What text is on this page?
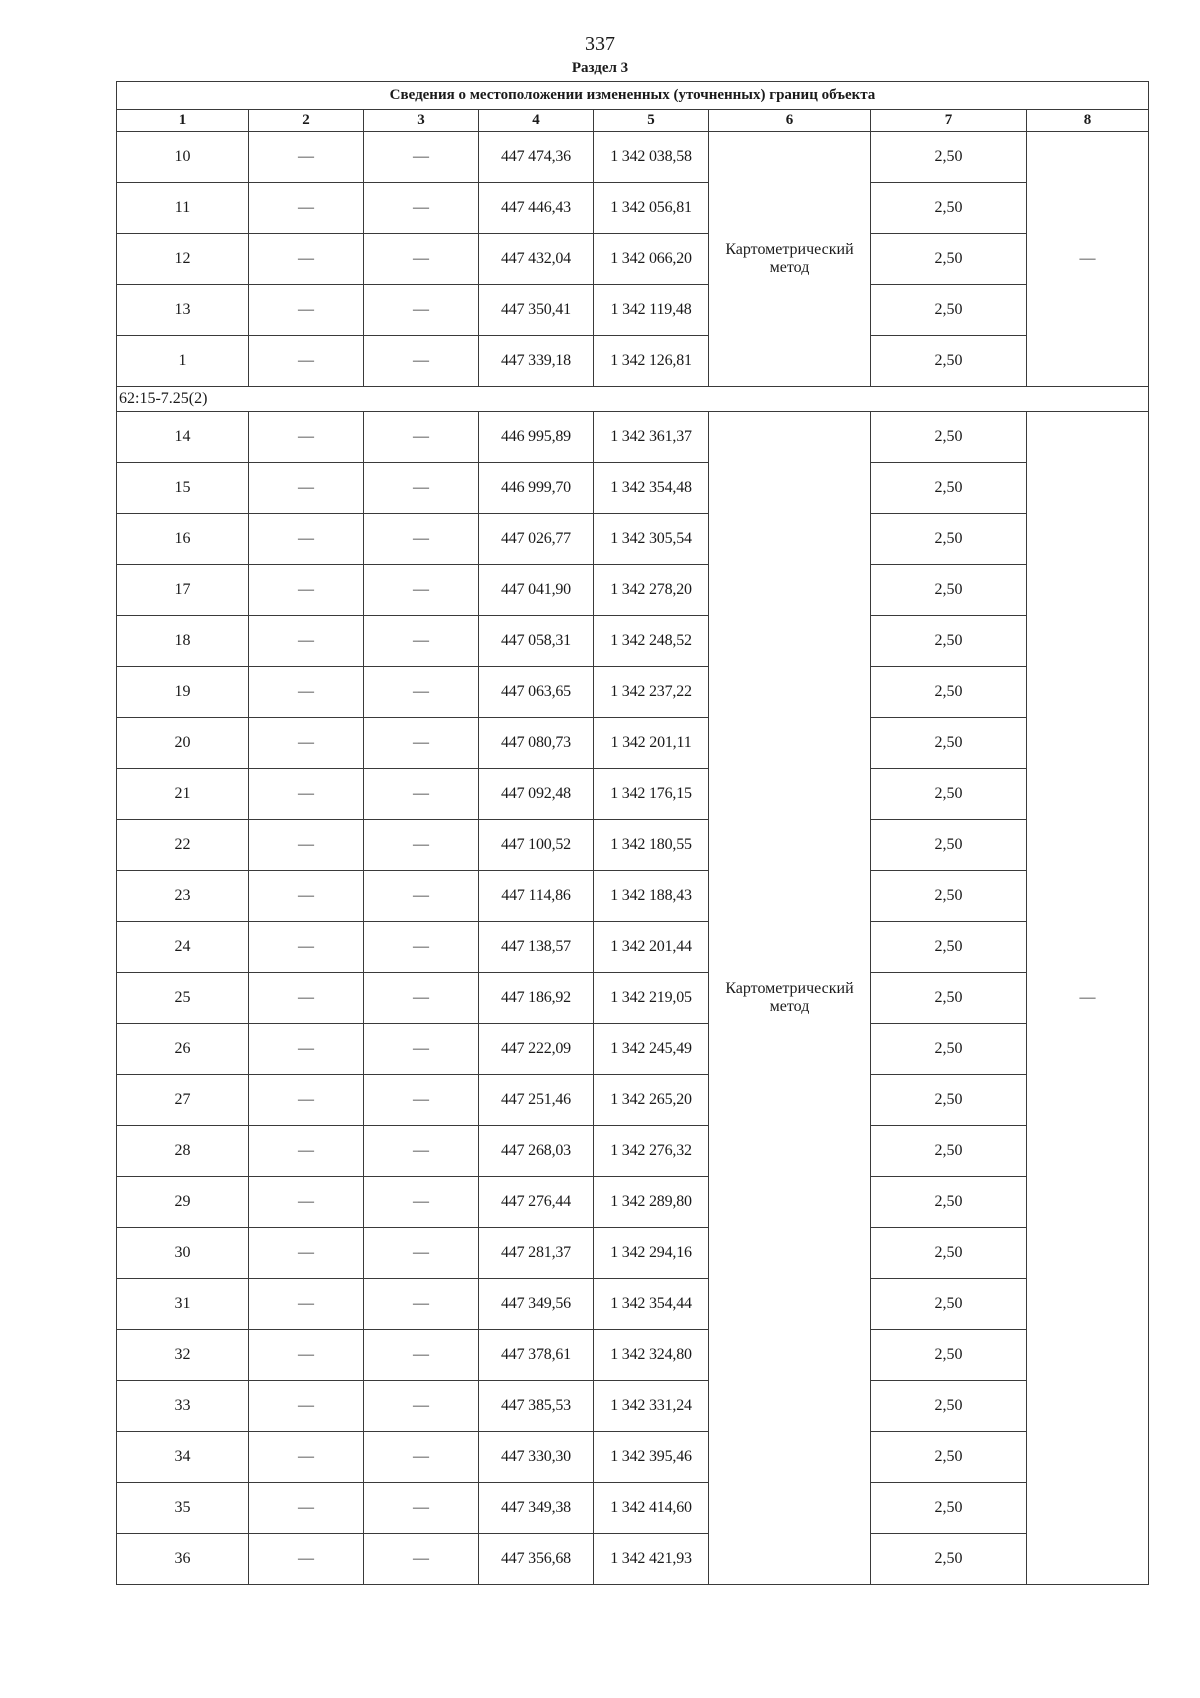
337
Раздел 3
Сведения о местоположении измененных (уточненных) границ объекта							
1	2	3	4	5	6	7	8
10	—	—	447 474,36	1 342 038,58	Картометрический метод	2,50	—
11	—	—	447 446,43	1 342 056,81		2,50	
12	—	—	447 432,04	1 342 066,20		2,50	
13	—	—	447 350,41	1 342 119,48		2,50	
1	—	—	447 339,18	1 342 126,81		2,50	
62:15-7.25(2)							
14	—	—	446 995,89	1 342 361,37	Картометрический метод	2,50	—
15	—	—	446 999,70	1 342 354,48		2,50	
16	—	—	447 026,77	1 342 305,54		2,50	
17	—	—	447 041,90	1 342 278,20		2,50	
18	—	—	447 058,31	1 342 248,52		2,50	
19	—	—	447 063,65	1 342 237,22		2,50	
20	—	—	447 080,73	1 342 201,11		2,50	
21	—	—	447 092,48	1 342 176,15		2,50	
22	—	—	447 100,52	1 342 180,55		2,50	
23	—	—	447 114,86	1 342 188,43		2,50	
24	—	—	447 138,57	1 342 201,44		2,50	
25	—	—	447 186,92	1 342 219,05		2,50	
26	—	—	447 222,09	1 342 245,49		2,50	
27	—	—	447 251,46	1 342 265,20		2,50	
28	—	—	447 268,03	1 342 276,32		2,50	
29	—	—	447 276,44	1 342 289,80		2,50	
30	—	—	447 281,37	1 342 294,16		2,50	
31	—	—	447 349,56	1 342 354,44		2,50	
32	—	—	447 378,61	1 342 324,80		2,50	
33	—	—	447 385,53	1 342 331,24		2,50	
34	—	—	447 330,30	1 342 395,46		2,50	
35	—	—	447 349,38	1 342 414,60		2,50	
36	—	—	447 356,68	1 342 421,93		2,50	
